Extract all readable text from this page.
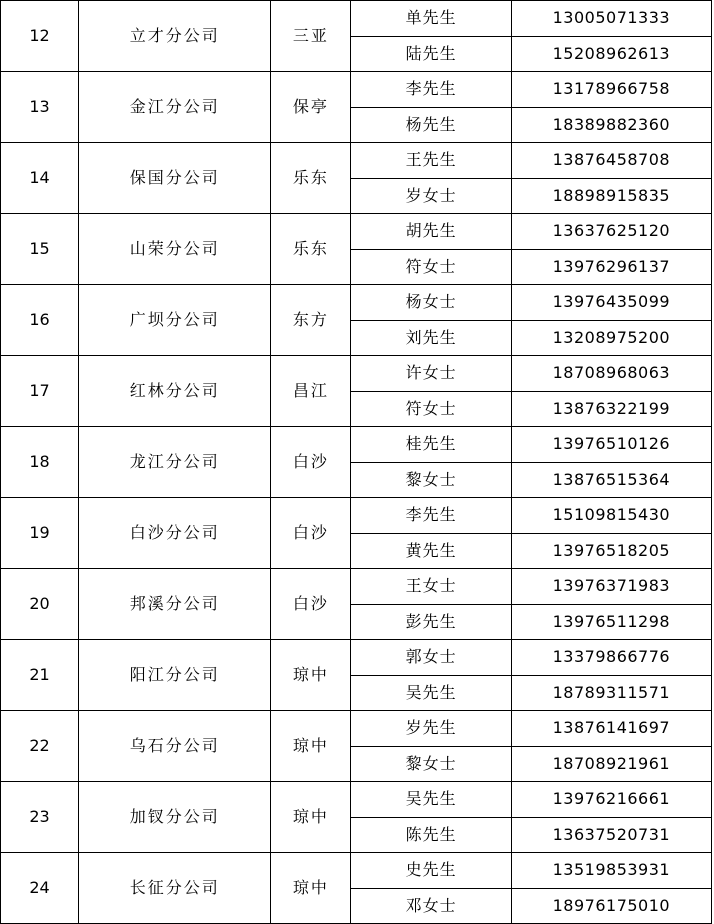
12	立才分公司	三亚	单先生	13005071333
			陆先生	15208962613
13	金江分公司	保亭	李先生	13178966758
			杨先生	18389882360
14	保国分公司	乐东	王先生	13876458708
			岁女士	18898915835
15	山荣分公司	乐东	胡先生	13637625120
			符女士	13976296137
16	广坝分公司	东方	杨女士	13976435099
			刘先生	13208975200
17	红林分公司	昌江	许女士	18708968063
			符女士	13876322199
18	龙江分公司	白沙	桂先生	13976510126
			黎女士	13876515364
19	白沙分公司	白沙	李先生	15109815430
			黄先生	13976518205
20	邦溪分公司	白沙	王女士	13976371983
			彭先生	13976511298
21	阳江分公司	琼中	郭女士	13379866776
			吴先生	18789311571
22	乌石分公司	琼中	岁先生	13876141697
			黎女士	18708921961
23	加钗分公司	琼中	吴先生	13976216661
			陈先生	13637520731
24	长征分公司	琼中	史先生	13519853931
			邓女士	18976175010
